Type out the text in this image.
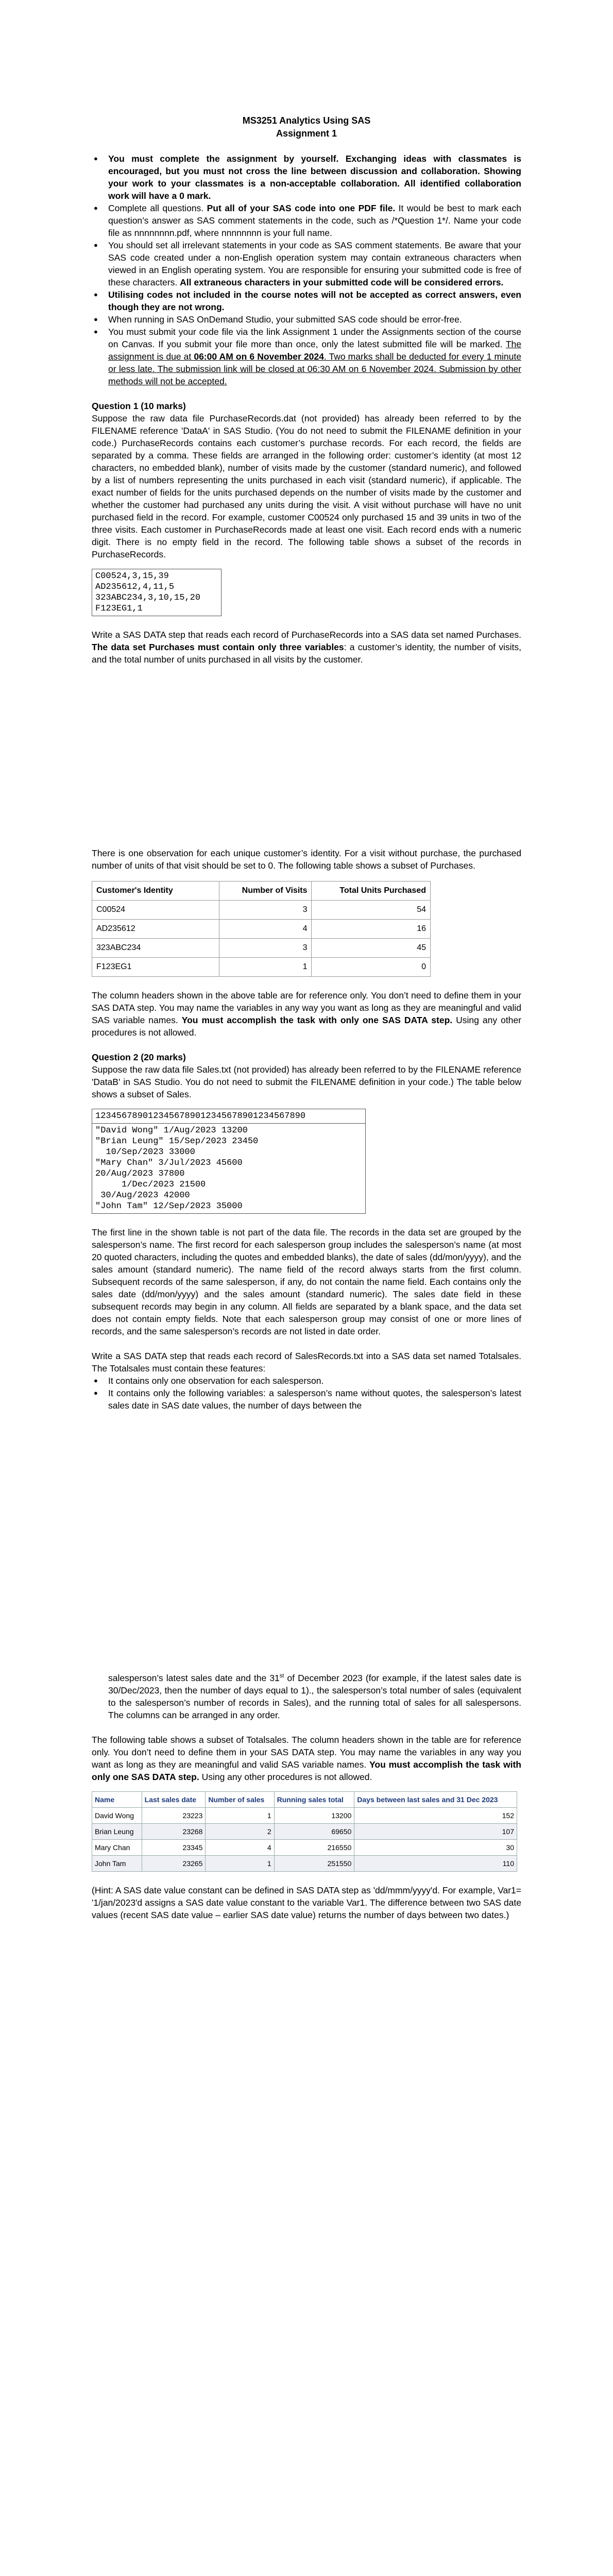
MS3251 Analytics Using SAS
Assignment 1
● You must complete the assignment by yourself. Exchanging ideas with classmates is encouraged, but you must not cross the line between discussion and collaboration. Showing your work to your classmates is a non-acceptable collaboration. All identified collaboration work will have a 0 mark.
● Complete all questions. Put all of your SAS code into one PDF file. It would be best to mark each question’s answer as SAS comment statements in the code, such as /*Question 1*/. Name your code file as nnnnnnnn.pdf, where nnnnnnnn is your full name.
● You should set all irrelevant statements in your code as SAS comment statements. Be aware that your SAS code created under a non-English operation system may contain extraneous characters when viewed in an English operating system. You are responsible for ensuring your submitted code is free of these characters. All extraneous characters in your submitted code will be considered errors.
● Utilising codes not included in the course notes will not be accepted as correct answers, even though they are not wrong.
● When running in SAS OnDemand Studio, your submitted SAS code should be error-free.
● You must submit your code file via the link Assignment 1 under the Assignments section of the course on Canvas. If you submit your file more than once, only the latest submitted file will be marked. The assignment is due at 06:00 AM on 6 November 2024. Two marks shall be deducted for every 1 minute or less late. The submission link will be closed at 06:30 AM on 6 November 2024. Submission by other methods will not be accepted.
Question 1 (10 marks)

Suppose the raw data file PurchaseRecords.dat (not provided) has already been referred to by the FILENAME reference 'DataA' in SAS Studio. (You do not need to submit the FILENAME definition in your code.) PurchaseRecords contains each customer’s purchase records. For each record, the fields are separated by a comma. These fields are arranged in the following order: customer’s identity (at most 12 characters, no embedded blank), number of visits made by the customer (standard numeric), and followed by a list of numbers representing the units purchased in each visit (standard numeric), if applicable. The exact number of fields for the units purchased depends on the number of visits made by the customer and whether the customer had purchased any units during the visit. A visit without purchase will have no unit purchased field in the record. For example, customer C00524 only purchased 15 and 39 units in two of the three visits. Each customer in PurchaseRecords made at least one visit. Each record ends with a numeric digit. There is no empty field in the record. The following table shows a subset of the records in PurchaseRecords.

C00524,3,15,39
AD235612,4,11,5
323ABC234,3,10,15,20
F123EG1,1

Write a SAS DATA step that reads each record of PurchaseRecords into a SAS data set named Purchases. The data set Purchases must contain only three variables: a customer’s identity, the number of visits, and the total number of units purchased in all visits by the customer.

There is one observation for each unique customer’s identity. For a visit without purchase, the purchased number of units of that visit should be set to 0. The following table shows a subset of Purchases.

Customer's Identity	Number of Visits	Total Units Purchased
C00524	3	54
AD235612	4	16
323ABC234	3	45
F123EG1	1	0

The column headers shown in the above table are for reference only. You don’t need to define them in your SAS DATA step. You may name the variables in any way you want as long as they are meaningful and valid SAS variable names. You must accomplish the task with only one SAS DATA step. Using any other procedures is not allowed.

Question 2 (20 marks)

Suppose the raw data file Sales.txt (not provided) has already been referred to by the FILENAME reference 'DataB' in SAS Studio. You do not need to submit the FILENAME definition in your code.) The table below shows a subset of Sales.

12345678901234567890123456789012345678​90

"David Wong" 1/Aug/2023 13200
"Brian Leung" 15/Sep/2023 23450
10/Sep/2023 33000
"Mary Chan" 3/Jul/2023 45600
20/Aug/2023 37800
1/Dec/2023 21500
30/Aug/2023 42000
"John Tam" 12/Sep/2023 35000

The first line in the shown table is not part of the data file. The records in the data set are grouped by the salesperson’s name. The first record for each salesperson group includes the salesperson’s name (at most 20 quoted characters, including the quotes and embedded blanks), the date of sales (dd/mon/yyyy), and the sales amount (standard numeric). The name field of the record always starts from the first column. Subsequent records of the same salesperson, if any, do not contain the name field. Each contains only the sales date (dd/mon/yyyy) and the sales amount (standard numeric). The sales date field in these subsequent records may begin in any column. All fields are separated by a blank space, and the data set does not contain empty fields. Note that each salesperson group may consist of one or more lines of records, and the same salesperson’s records are not listed in date order.

Write a SAS DATA step that reads each record of SalesRecords.txt into a SAS data set named Totalsales. The Totalsales must contain these features:

● It contains only one observation for each salesperson.
● It contains only the following variables: a salesperson’s name without quotes, the salesperson’s latest sales date in SAS date values, the number of days between the

salesperson’s latest sales date and the 31st of December 2023 (for example, if the latest sales date is 30/Dec/2023, then the number of days equal to 1)., the salesperson’s total number of sales (equivalent to the salesperson’s number of records in Sales), and the running total of sales for all salespersons. The columns can be arranged in any order.

The following table shows a subset of Totalsales. The column headers shown in the table are for reference only. You don’t need to define them in your SAS DATA step. You may name the variables in any way you want as long as they are meaningful and valid SAS variable names. You must accomplish the task with only one SAS DATA step. Using any other procedures is not allowed.

Name	Last sales date	Number of sales	Running sales total	Days between last sales and 31 Dec 2023
David Wong	23223	1	13200	152
Brian Leung	23268	2	69650	107
Mary Chan	23345	4	216550	30
John Tam	23265	1	251550	110

(Hint: A SAS date value constant can be defined in SAS DATA step as 'dd/mmm/yyyy'd. For example, Var1= '1/jan/2023'd assigns a SAS date value constant to the variable Var1. The difference between two SAS date values (recent SAS date value – earlier SAS date value) returns the number of days between two dates.)
